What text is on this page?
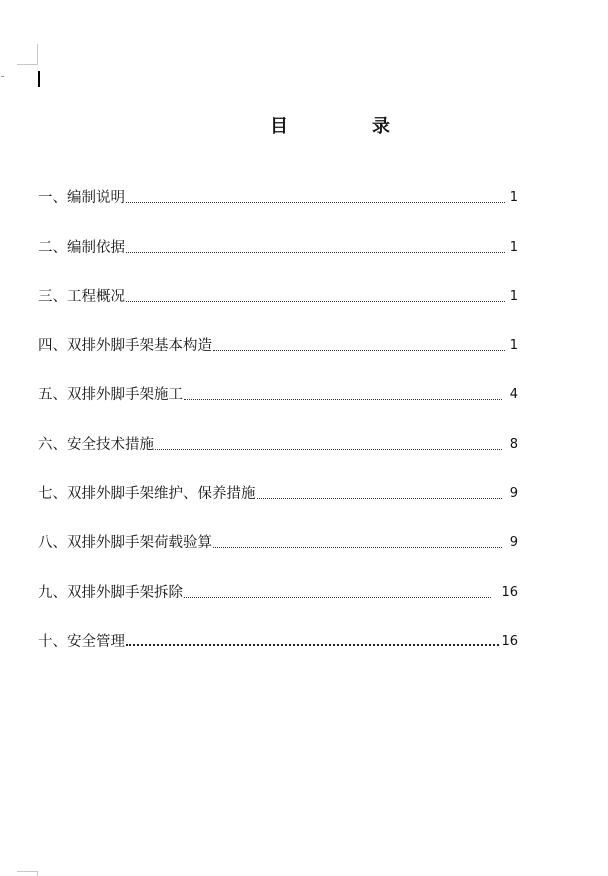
目	录
一、编制说明	1
二、编制依据	1
三、工程概况	1
四、双排外脚手架基本构造	1
五、双排外脚手架施工	4
六、安全技术措施	8
七、双排外脚手架维护、保养措施	9
八、双排外脚手架荷载验算	9
九、双排外脚手架拆除	16
十、安全管理	16
